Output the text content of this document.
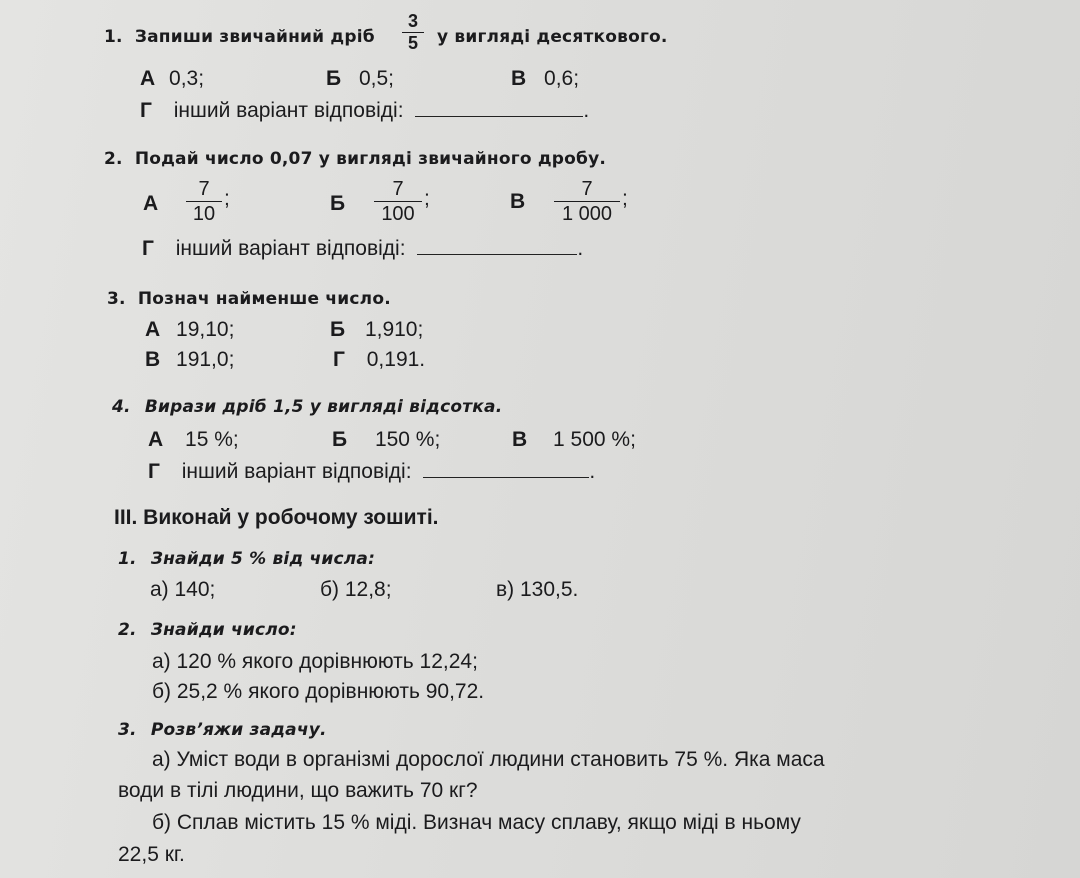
1. Запиши звичайний дріб
3
5	у вигляді десяткового.
А 0,3;	Б 0,5;	В 0,6;
Г інший варіант відповіді:	.
2. Подай число 0,07 у вигляді звичайного дробу.
А
7
10
;	Б
7
100
;	В
7
1 000
;
Г інший варіант відповіді:	.
3. Познач найменше число.
А 19,10;	Б 1,910;
В 191,0;	Г 0,191.
4. Вирази дріб 1,5 у вигляді відсотка.
А 15 %;	Б 150 %;	В 1 500 %;
Г інший варіант відповіді:	.
III. Виконай у робочому зошиті.
1. Знайди 5 % від числа:
а) 140;	б) 12,8;	в) 130,5.
2. Знайди число:
а) 120 % якого дорівнюють 12,24;
б) 25,2 % якого дорівнюють 90,72.
3. Розв’яжи задачу.
а) Уміст води в організмі дорослої людини становить 75 %. Яка маса
води в тілі людини, що важить 70 кг?
б) Сплав містить 15 % міді. Визнач масу сплаву, якщо міді в ньому
22,5 кг.
